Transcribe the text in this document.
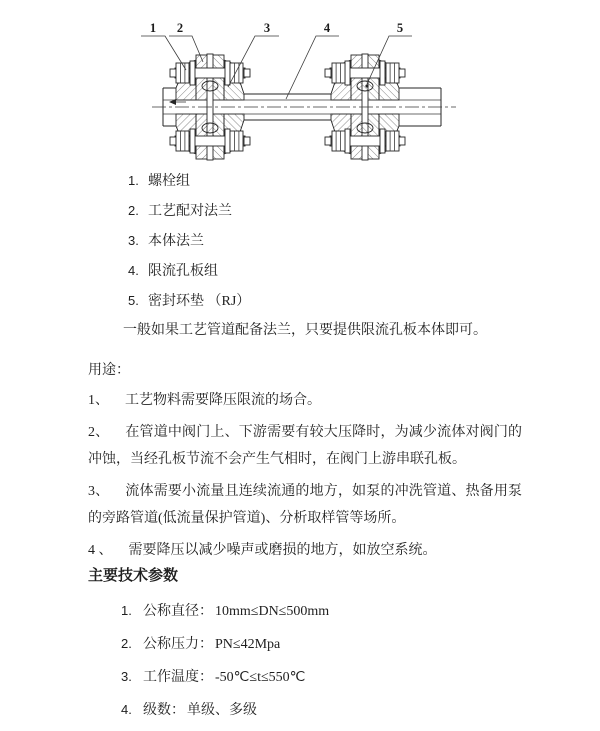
1 2	3	4	5
1. 螺栓组
2. 工艺配对法兰
3. 本体法兰
4. 限流孔板组
5. 密封环垫 （RJ）

一般如果工艺管道配备法兰，只要提供限流孔板本体即可。

用途：

1、 工艺物料需要降压限流的场合。

2、 在管道中阀门上、下游需要有较大压降时，为减少流体对阀门的冲蚀，当经孔板节流不会产生气相时，在阀门上游串联孔板。

3、 流体需要小流量且连续流通的地方，如泵的冲洗管道、热备用泵的旁路管道(低流量保护管道)、分析取样管等场所。

4 、 需要降压以减少噪声或磨损的地方，如放空系统。

主要技术参数

1. 公称直径： 10mm≤DN≤500mm
2. 公称压力： PN≤42Mpa
3. 工作温度： -50℃≤t≤550℃
4. 级数： 单级、多级
